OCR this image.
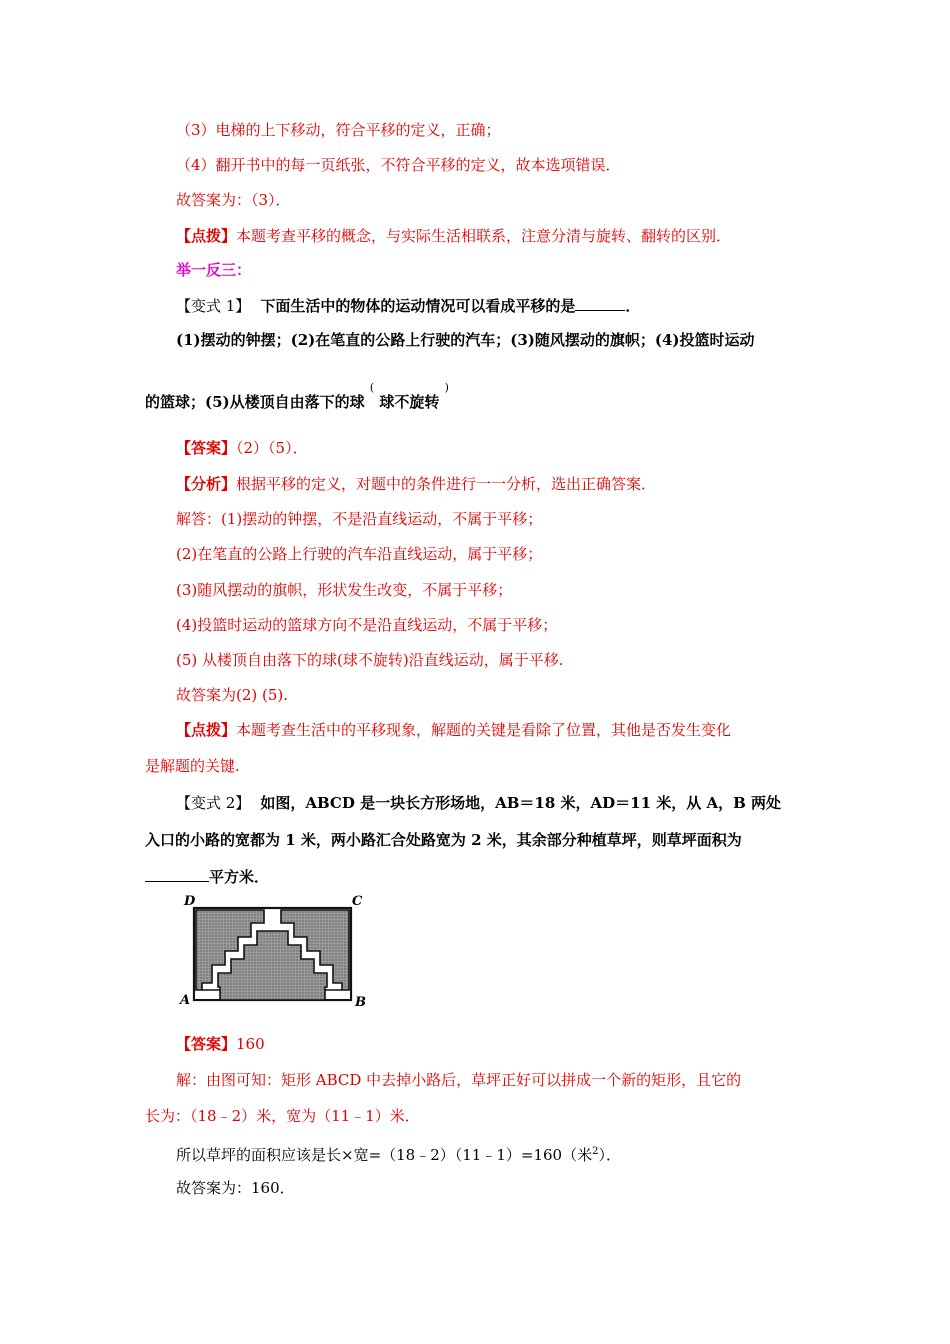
（3）电梯的上下移动，符合平移的定义，正确；
（4）翻开书中的每一页纸张，不符合平移的定义，故本选项错误．
故答案为：（3）．
【点拨】本题考查平移的概念，与实际生活相联系，注意分清与旋转、翻转的区别．
举一反三：
【变式 1】 下面生活中的物体的运动情况可以看成平移的是	．
(1)摆动的钟摆；(2)在笔直的公路上行驶的汽车；(3)随风摆动的旗帜；(4)投篮时运动
的篮球；(5)从楼顶自由落下的球 ( 球不旋转 )
【答案】（2）（5）．
【分析】根据平移的定义，对题中的条件进行一一分析，选出正确答案．
解答：(1)摆动的钟摆，不是沿直线运动，不属于平移；
(2)在笔直的公路上行驶的汽车沿直线运动，属于平移；
(3)随风摆动的旗帜，形状发生改变，不属于平移；
(4)投篮时运动的篮球方向不是沿直线运动，不属于平移；
(5) 从楼顶自由落下的球(球不旋转)沿直线运动，属于平移.
故答案为(2) (5).
【点拨】本题考查生活中的平移现象，解题的关键是看除了位置，其他是否发生变化
是解题的关键.
【变式 2】 如图，ABCD 是一块长方形场地，AB＝18 米，AD＝11 米，从 A，B 两处
入口的小路的宽都为 1 米，两小路汇合处路宽为 2 米，其余部分种植草坪，则草坪面积为
平方米．
D	C
A	B
【答案】160
解：由图可知：矩形 ABCD 中去掉小路后，草坪正好可以拼成一个新的矩形，且它的
长为：（18﹣2）米，宽为（11﹣1）米．
所以草坪的面积应该是长×宽=（18﹣2）（11﹣1）=160（米$^2$）．
故答案为：160．
